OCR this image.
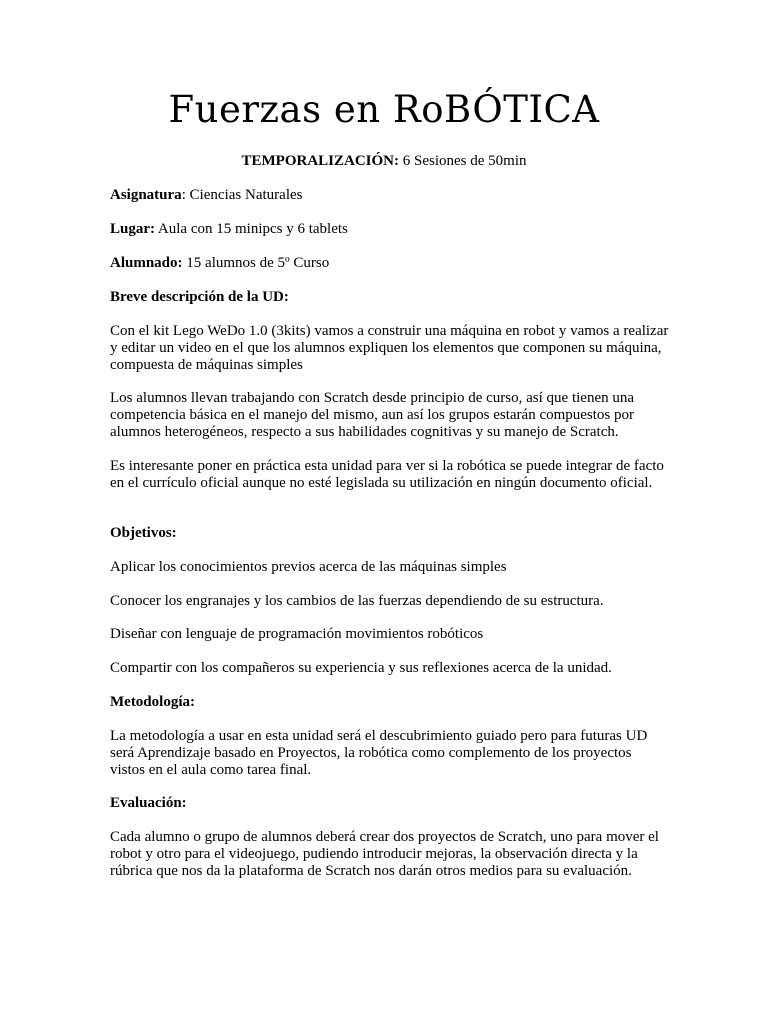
Fuerzas en RoBÓTICA

TEMPORALIZACIÓN: 6 Sesiones de 50min

Asignatura: Ciencias Naturales

Lugar: Aula con 15 minipcs y 6 tablets

Alumnado: 15 alumnos de 5º Curso

Breve descripción de la UD:

Con el kit Lego WeDo 1.0 (3kits) vamos a construir una máquina en robot y vamos a realizar y editar un video en el que los alumnos expliquen los elementos que componen su máquina, compuesta de máquinas simples

Los alumnos llevan trabajando con Scratch desde principio de curso, así que tienen una competencia básica en el manejo del mismo, aun así los grupos estarán compuestos por alumnos heterogéneos, respecto a sus habilidades cognitivas y su manejo de Scratch.

Es interesante poner en práctica esta unidad para ver si la robótica se puede integrar de facto en el currículo oficial aunque no esté legislada su utilización en ningún documento oficial.

Objetivos:

Aplicar los conocimientos previos acerca de las máquinas simples

Conocer los engranajes y los cambios de las fuerzas dependiendo de su estructura.

Diseñar con lenguaje de programación movimientos robóticos

Compartir con los compañeros su experiencia y sus reflexiones acerca de la unidad.

Metodología:

La metodología a usar en esta unidad será el descubrimiento guiado pero para futuras UD será Aprendizaje basado en Proyectos, la robótica como complemento de los proyectos vistos en el aula como tarea final.

Evaluación:

Cada alumno o grupo de alumnos deberá crear dos proyectos de Scratch, uno para mover el robot y otro para el videojuego, pudiendo introducir mejoras, la observación directa y la rúbrica que nos da la plataforma de Scratch nos darán otros medios para su evaluación.
